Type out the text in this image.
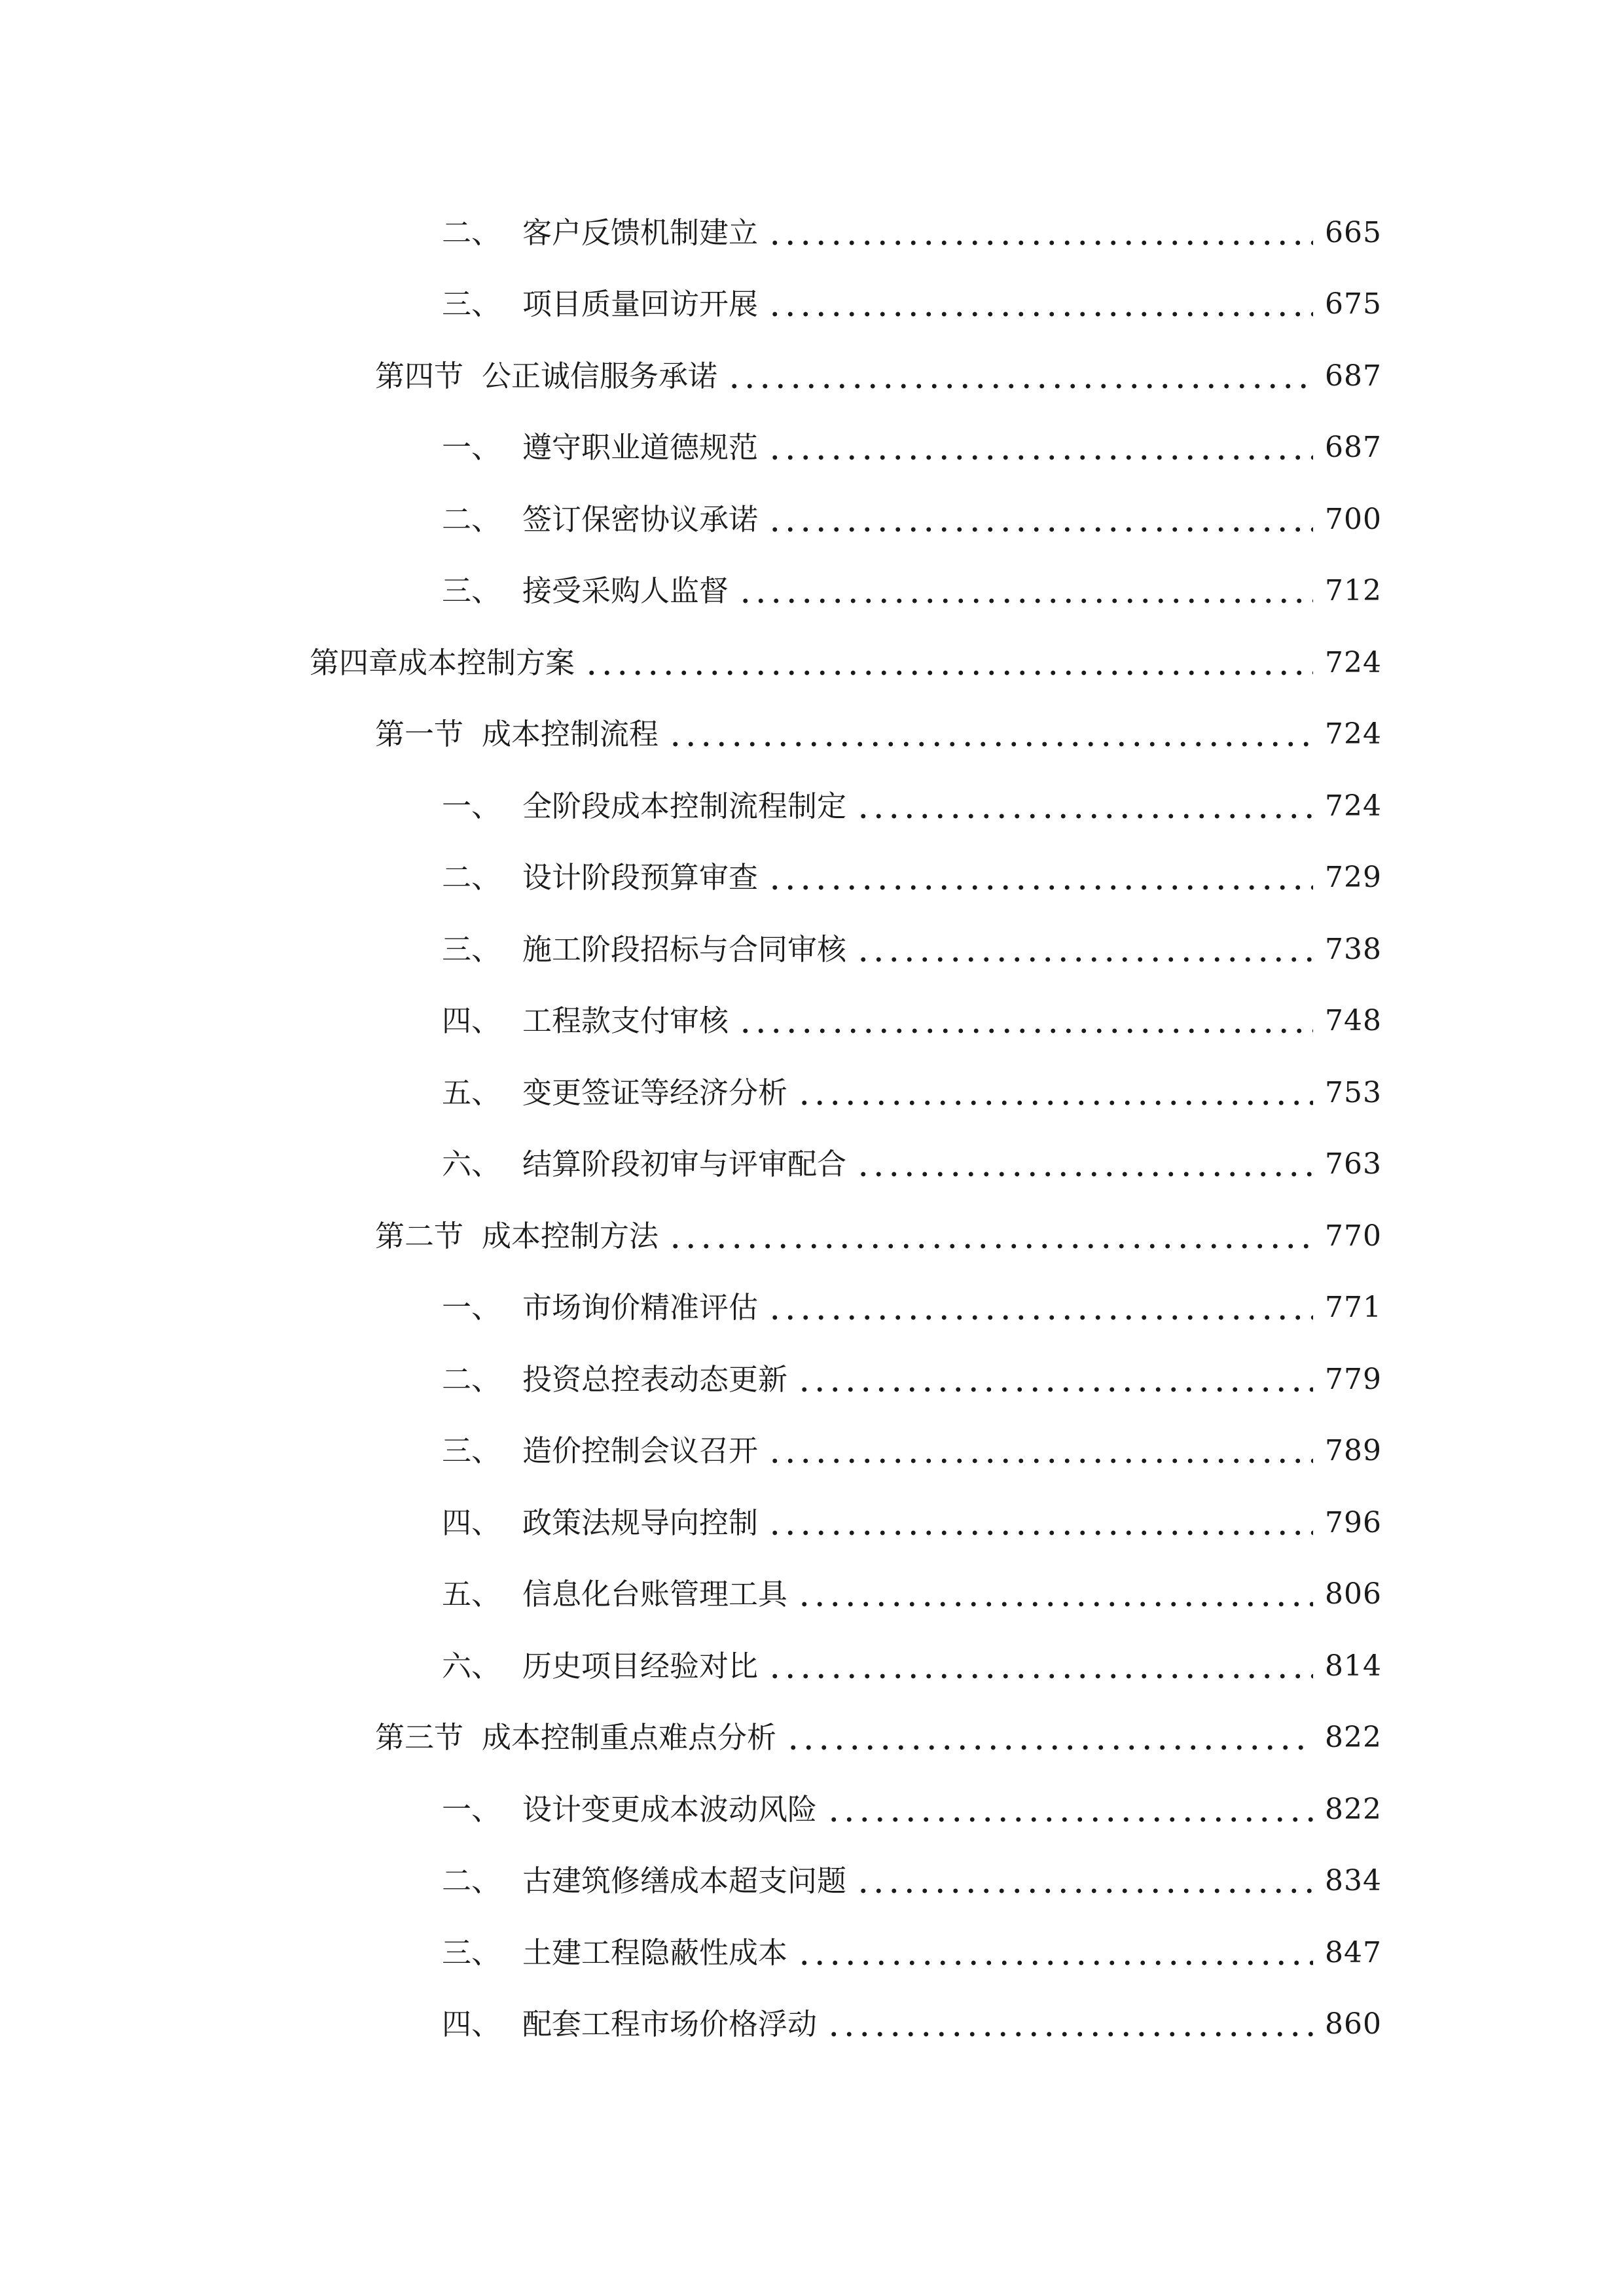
二、 客户反馈机制建立	665
三、 项目质量回访开展	675
第四节 公正诚信服务承诺	687
一、 遵守职业道德规范	687
二、 签订保密协议承诺	700
三、 接受采购人监督	712
第四章 成本控制方案	724
第一节 成本控制流程	724
一、 全阶段成本控制流程制定	724
二、 设计阶段预算审查	729
三、 施工阶段招标与合同审核	738
四、 工程款支付审核	748
五、 变更签证等经济分析	753
六、 结算阶段初审与评审配合	763
第二节 成本控制方法	770
一、 市场询价精准评估	771
二、 投资总控表动态更新	779
三、 造价控制会议召开	789
四、 政策法规导向控制	796
五、 信息化台账管理工具	806
六、 历史项目经验对比	814
第三节 成本控制重点难点分析	822
一、 设计变更成本波动风险	822
二、 古建筑修缮成本超支问题	834
三、 土建工程隐蔽性成本	847
四、 配套工程市场价格浮动	860
